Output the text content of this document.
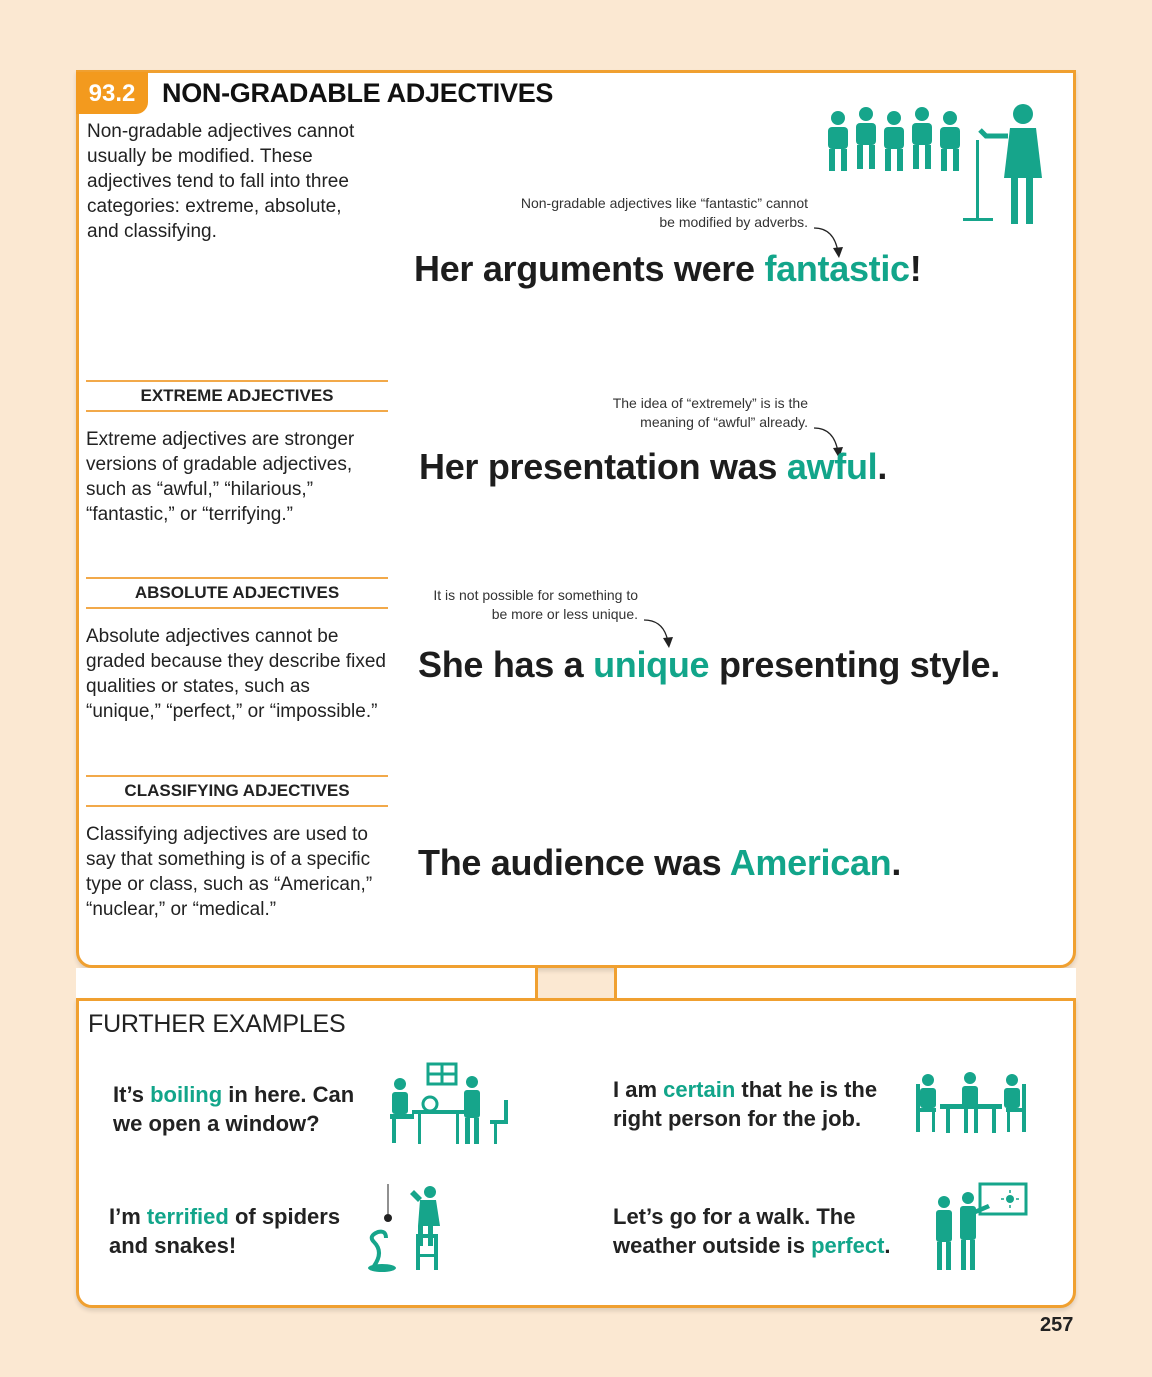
93.2 NON-GRADABLE ADJECTIVES
Non-gradable adjectives cannot usually be modified. These adjectives tend to fall into three categories: extreme, absolute, and classifying.
Non-gradable adjectives like “fantastic” cannot be modified by adverbs.
Her arguments were fantastic!
EXTREME ADJECTIVES
Extreme adjectives are stronger versions of gradable adjectives, such as “awful,” “hilarious,” “fantastic,” or “terrifying.”
The idea of “extremely” is is the meaning of “awful” already.
Her presentation was awful.
ABSOLUTE ADJECTIVES
Absolute adjectives cannot be graded because they describe fixed qualities or states, such as “unique,” “perfect,” or “impossible.”
It is not possible for something to be more or less unique.
She has a unique presenting style.
CLASSIFYING ADJECTIVES
Classifying adjectives are used to say that something is of a specific type or class, such as “American,” “nuclear,” or “medical.”
The audience was American.
FURTHER EXAMPLES
It’s boiling in here. Can we open a window?
I am certain that he is the right person for the job.
I’m terrified of spiders and snakes!
Let’s go for a walk. The weather outside is perfect.
257
